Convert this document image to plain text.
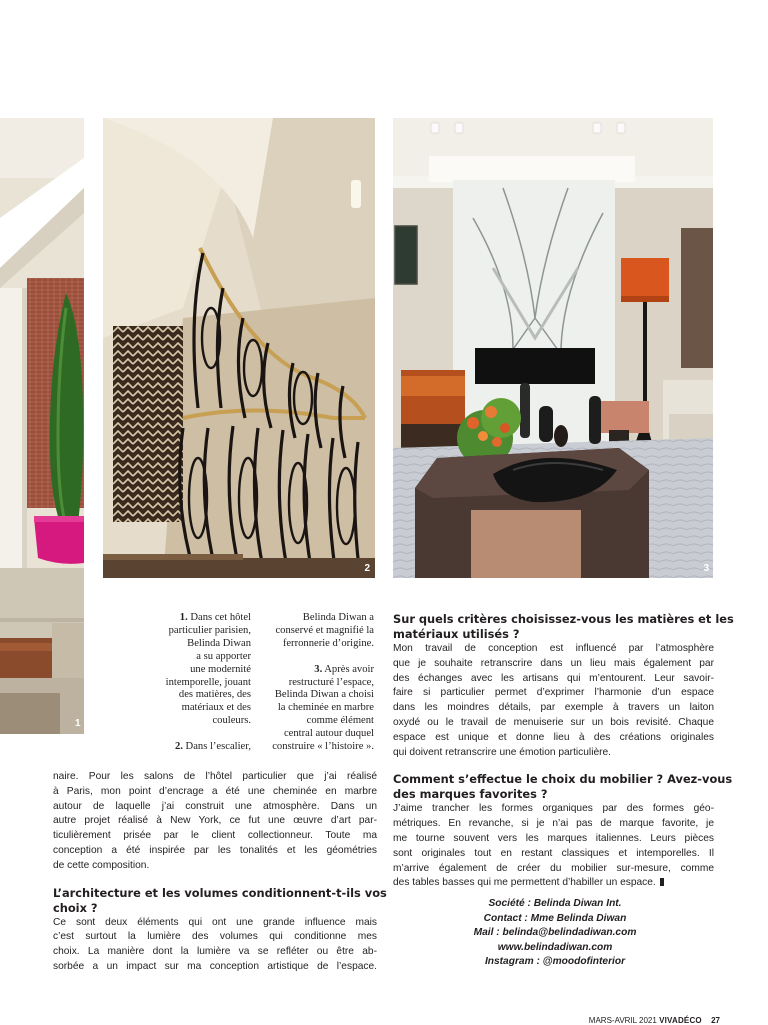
1
2	3
1. Dans cet hôtel
particulier parisien,
Belinda Diwan
a su apporter
une modernité
intemporelle, jouant
des matières, des
matériaux et des
couleurs.
2. Dans l’escalier,
Belinda Diwan a
conservé et magnifié la
ferronnerie d’origine.
3. Après avoir
restructuré l’espace,
Belinda Diwan a choisi
la cheminée en marbre
comme élément
central autour duquel
construire « l’histoire ».

naire. Pour les salons de l’hôtel particulier que j’ai réalisé
à Paris, mon point d’encrage a été une cheminée en marbre
autour de laquelle j’ai construit une atmosphère. Dans un
autre projet réalisé à New York, ce fut une œuvre d’art par-
ticulièrement prisée par le client collectionneur. Toute ma
conception a été inspirée par les tonalités et les géométries
de cette composition.

L’architecture et les volumes conditionnent-t-ils vos
choix ?

Ce sont deux éléments qui ont une grande influence mais
c’est surtout la lumière des volumes qui conditionne mes
choix. La manière dont la lumière va se refléter ou être ab-
sorbée a un impact sur ma conception artistique de l’espace.

Sur quels critères choisissez-vous les matières et les
matériaux utilisés ?

Mon travail de conception est influencé par l’atmosphère
que je souhaite retranscrire dans un lieu mais également par
des échanges avec les artisans qui m’entourent. Leur savoir-
faire si particulier permet d’exprimer l’harmonie d’un espace
dans les moindres détails, par exemple à travers un laiton
oxydé ou le travail de menuiserie sur un bois revisité. Chaque
espace est unique et donne lieu à des créations originales
qui doivent retranscrire une émotion particulière.

Comment s’effectue le choix du mobilier ? Avez-vous
des marques favorites ?

J’aime trancher les formes organiques par des formes géo-
métriques. En revanche, si je n’ai pas de marque favorite, je
me tourne souvent vers les marques italiennes. Leurs pièces
sont originales tout en restant classiques et intemporelles. Il
m’arrive également de créer du mobilier sur-mesure, comme
des tables basses qui me permettent d’habiller un espace.

Société : Belinda Diwan Int.
Contact : Mme Belinda Diwan
Mail : belinda@belindadiwan.com
www.belindadiwan.com
Instagram : @moodofinterior
MARS-AVRIL 2021 VIVADÉCO 27
